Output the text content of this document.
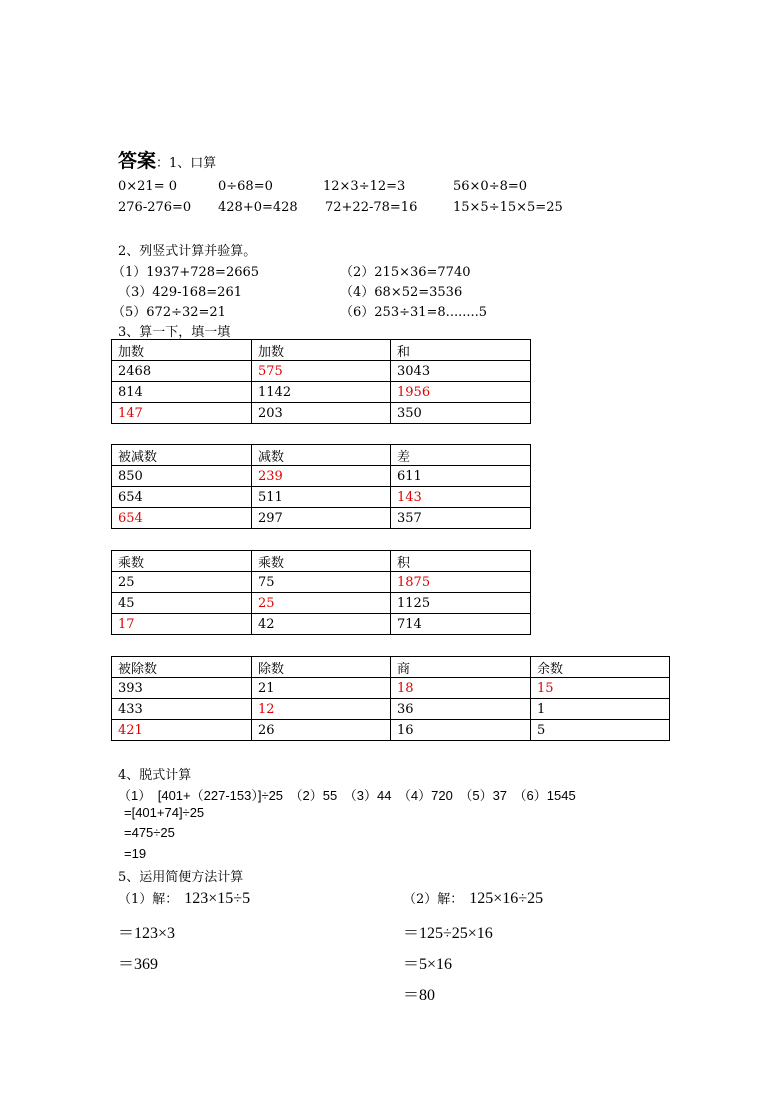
答案：1、口算
0×21= 0	0÷68=0	12×3÷12=3	56×0÷8=0
276-276=0 428+0=428 72+22-78=16	15×5÷15×5=25
2、列竖式计算并验算。
（1）1937+728=2665	（2）215×36=7740
（3）429-168=261	（4）68×52=3536
（5）672÷32=21	（6）253÷31=8........5
3、算一下，填一填
加数	加数	和
2468	575	3043
814	1142	1956
147	203	350
被减数	减数	差
850	239	611
654	511	143
654	297	357
乘数	乘数	积
25	75	1875
45	25	1125
17	42	714
被除数	除数	商	余数
393	21	18	15
433	12	36	1
421	26	16	5
4、脱式计算
（1）　[401+（227-153）]÷25　（2）55　（3）44　（4）720　（5）37　（6）1545
=[401+74]÷25
=475÷25
=19
5、运用简便方法计算
（1）解： 123×15÷5
＝123×3
＝369
（2）解： 125×16÷25
＝125÷25×16
＝5×16
＝80
